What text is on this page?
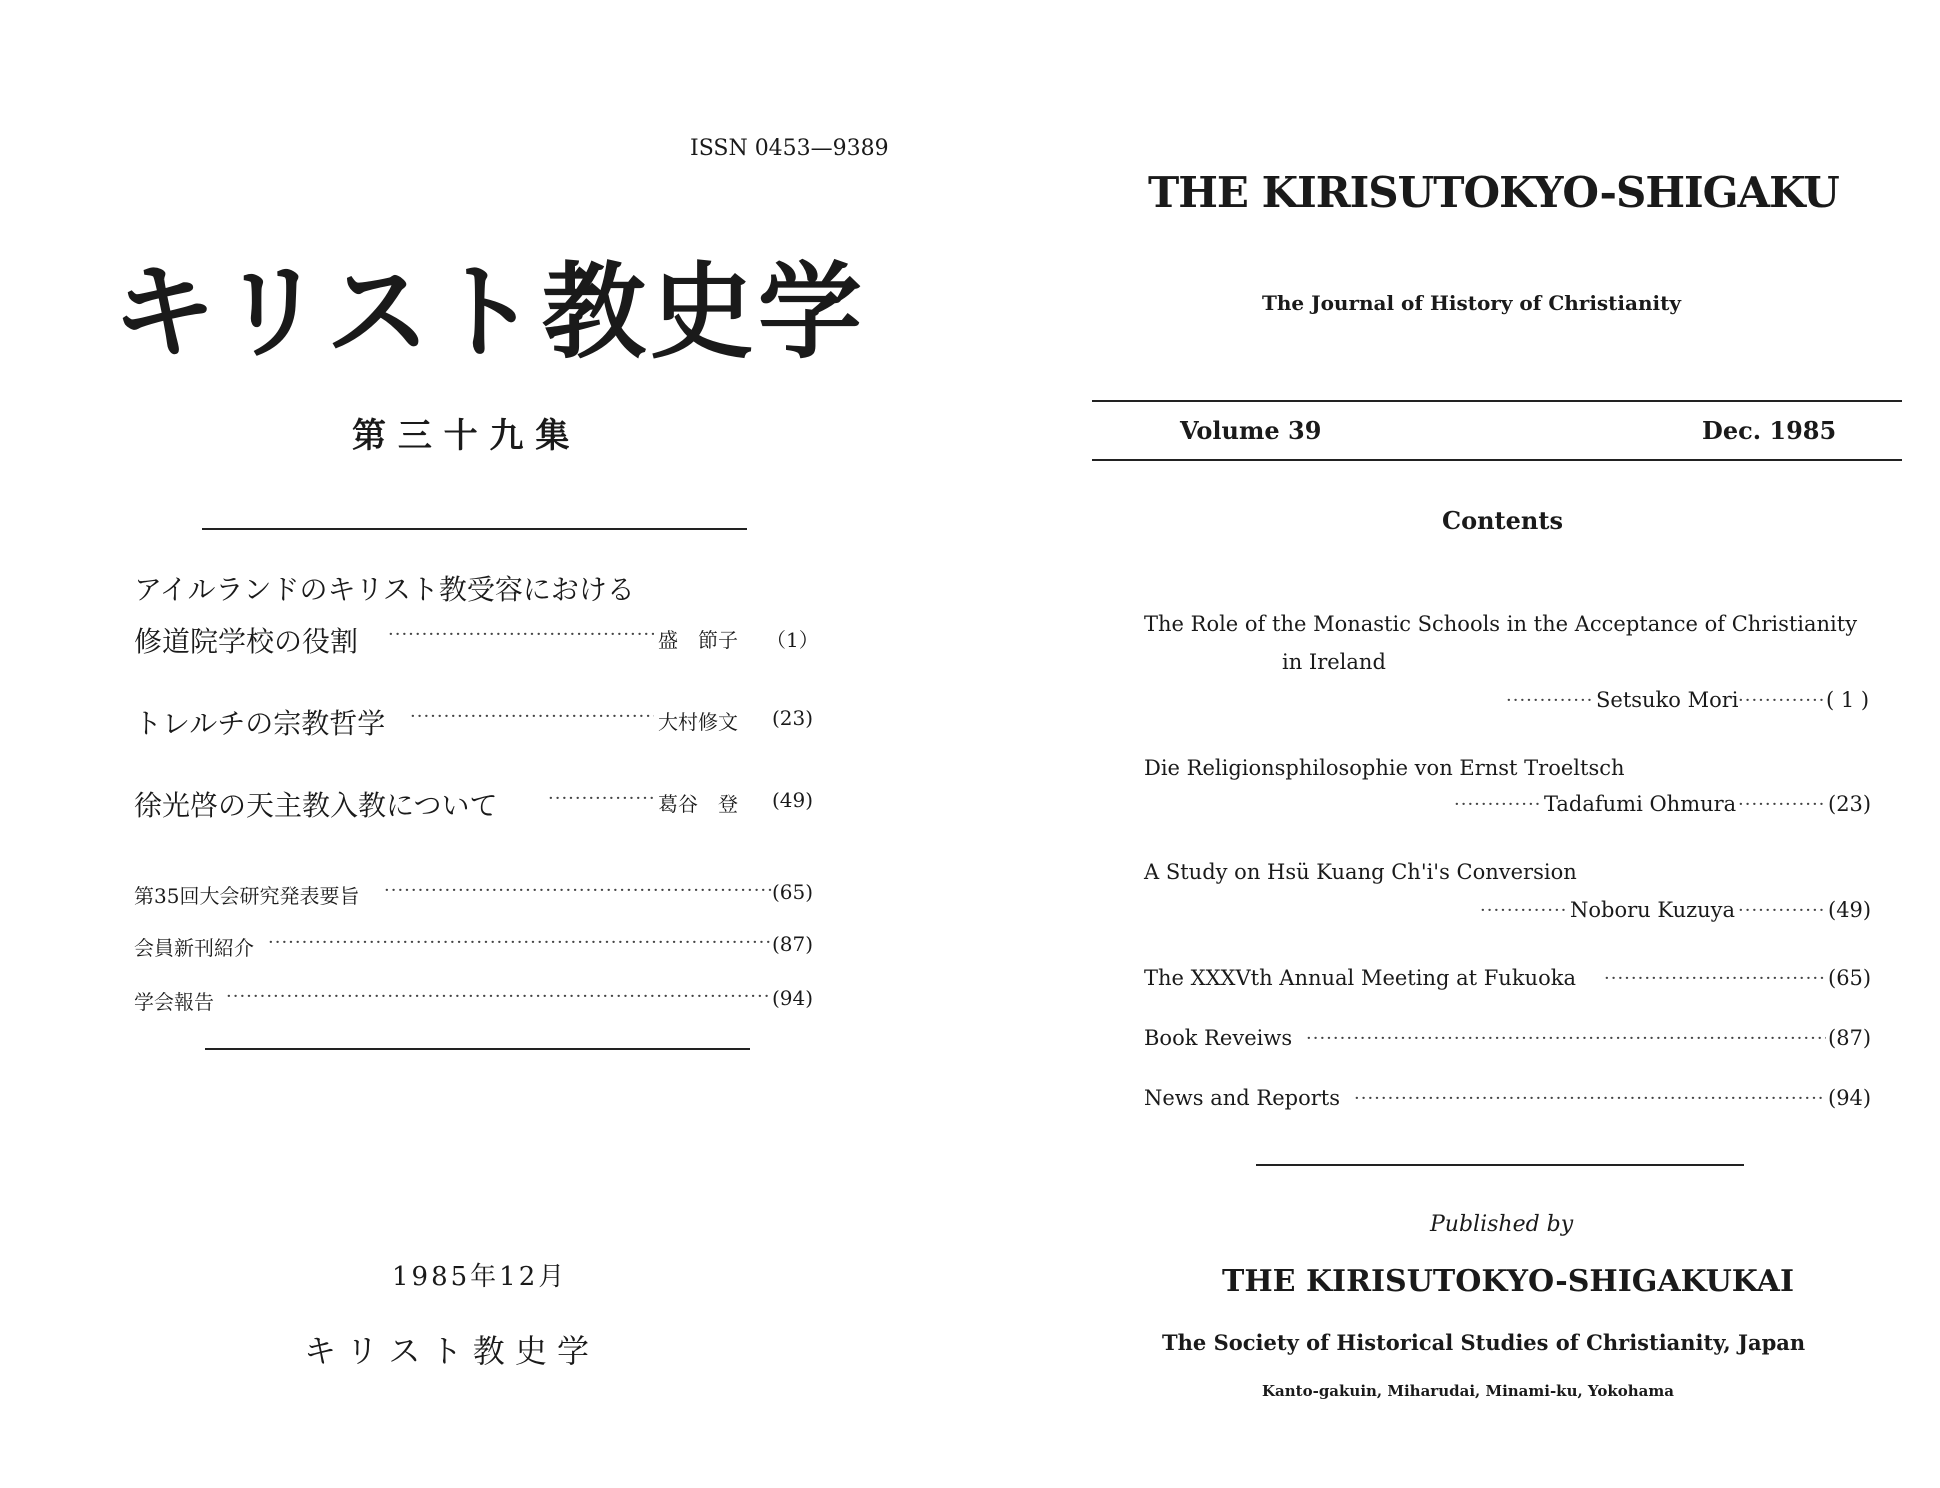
ISSN 0453—9389
キリスト教史学
第 三 十 九 集
アイルランドのキリスト教受容における
修道院学校の役割 ·····	盛　節子 （1）
トレルチの宗教哲学 ·····	大村修文 (23)
徐光啓の天主教入教について ·····	葛谷　登 (49)
第35回大会研究発表要旨 ·····	(65)
会員新刊紹介 ·····	(87)
学会報告 ·····	(94)
1985年12月
キ リ ス ト 教 史 学
THE KIRISUTOKYO-SHIGAKU
The Journal of History of Christianity
Volume 39	Dec. 1985
Contents
The Role of the Monastic Schools in the Acceptance of Christianity
in Ireland
·····
Setsuko Mori ·····	( 1 )
Die Religionsphilosophie von Ernst Troeltsch
·····
Tadafumi Ohmura ·····	(23)
A Study on Hsü Kuang Ch'i's Conversion
·····
Noboru Kuzuya ·····	(49)
The XXXVth Annual Meeting at Fukuoka ·····	(65)
Book Reveiws ·····	(87)
News and Reports ·····	(94)
Published by
THE KIRISUTOKYO-SHIGAKUKAI
The Society of Historical Studies of Christianity, Japan
Kanto-gakuin, Miharudai, Minami-ku, Yokohama
